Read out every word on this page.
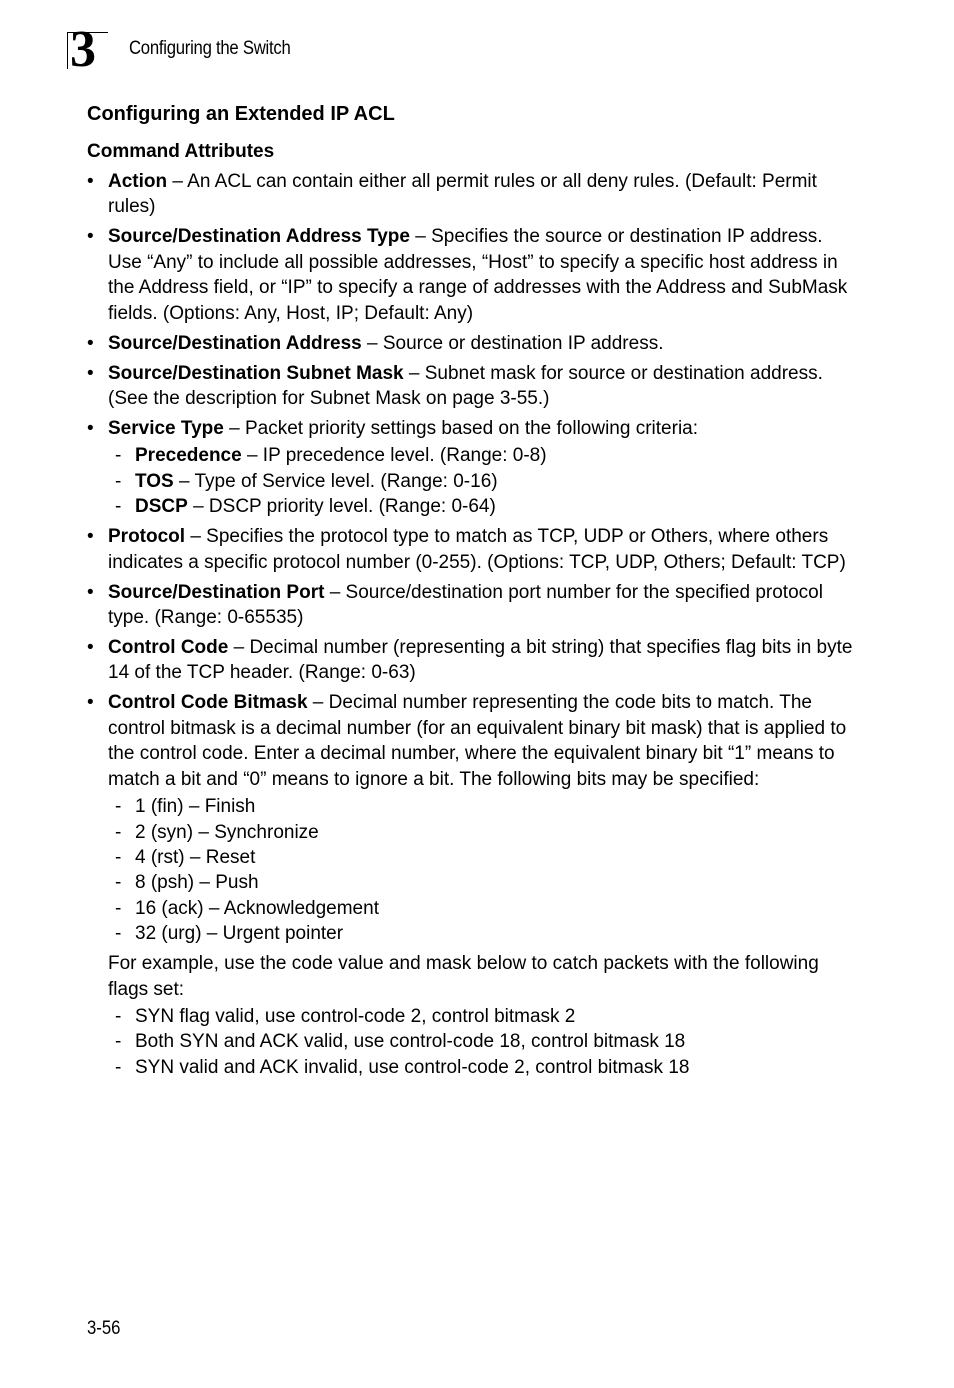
3 Configuring the Switch
Configuring an Extended IP ACL
Command Attributes
• Action – An ACL can contain either all permit rules or all deny rules. (Default: Permit rules)
• Source/Destination Address Type – Specifies the source or destination IP address. Use “Any” to include all possible addresses, “Host” to specify a specific host address in the Address field, or “IP” to specify a range of addresses with the Address and SubMask fields. (Options: Any, Host, IP; Default: Any)
• Source/Destination Address – Source or destination IP address.
• Source/Destination Subnet Mask – Subnet mask for source or destination address. (See the description for Subnet Mask on page 3-55.)
• Service Type – Packet priority settings based on the following criteria:
- Precedence – IP precedence level. (Range: 0-8)
- TOS – Type of Service level. (Range: 0-16)
- DSCP – DSCP priority level. (Range: 0-64)
• Protocol – Specifies the protocol type to match as TCP, UDP or Others, where others indicates a specific protocol number (0-255). (Options: TCP, UDP, Others; Default: TCP)
• Source/Destination Port – Source/destination port number for the specified protocol type. (Range: 0-65535)
• Control Code – Decimal number (representing a bit string) that specifies flag bits in byte 14 of the TCP header. (Range: 0-63)
• Control Code Bitmask – Decimal number representing the code bits to match. The control bitmask is a decimal number (for an equivalent binary bit mask) that is applied to the control code. Enter a decimal number, where the equivalent binary bit “1” means to match a bit and “0” means to ignore a bit. The following bits may be specified:
- 1 (fin) – Finish
- 2 (syn) – Synchronize
- 4 (rst) – Reset
- 8 (psh) – Push
- 16 (ack) – Acknowledgement
- 32 (urg) – Urgent pointer

For example, use the code value and mask below to catch packets with the following flags set:

- SYN flag valid, use control-code 2, control bitmask 2
- Both SYN and ACK valid, use control-code 18, control bitmask 18
- SYN valid and ACK invalid, use control-code 2, control bitmask 18
3-56
